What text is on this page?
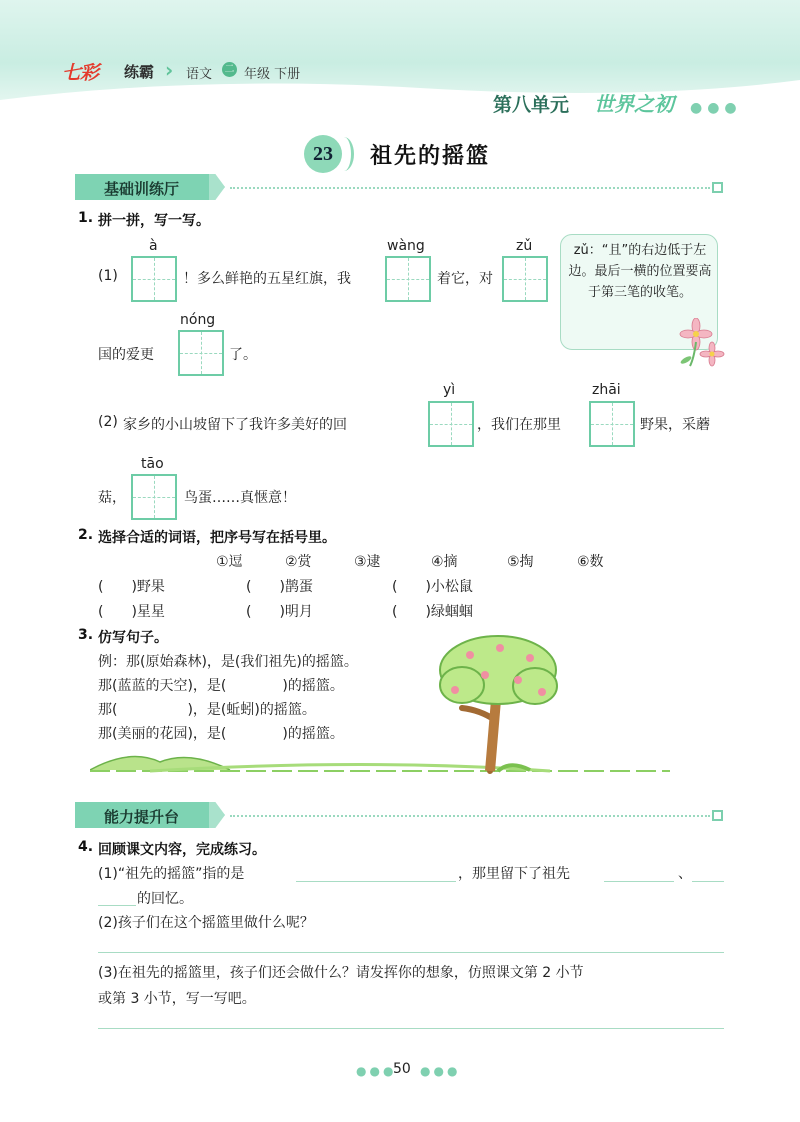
七彩 练霸 › 语文 二 年级 下册
第八单元 世界之初 ●●●
23	祖先的摇篮
基础训练厅
1. 拼一拼，写一写。
à	wàng	zǔ
(1)	！多么鲜艳的五星红旗，我	着它，对
zǔ：“且”的右边低于左边。最后一横的位置要高于第三笔的收笔。
nóng
国的爱更	了。
yì	zhāi
(2) 家乡的小山坡留下了我许多美好的回	，我们在那里	野果，采蘑
tāo
菇，	鸟蛋……真惬意！
2. 选择合适的词语，把序号写在括号里。
①逗	②赏	③逮	④摘	⑤掏	⑥数
(　　)野果	(　　)鹊蛋	(　　)小松鼠
(　　)星星	(　　)明月	(　　)绿蝈蝈
3. 仿写句子。
例：那(原始森林)，是(我们祖先)的摇篮。
那(蓝蓝的天空)，是(　　　　)的摇篮。
那(　　　　　)，是(蚯蚓)的摇篮。
那(美丽的花园)，是(　　　　)的摇篮。
能力提升台
4. 回顾课文内容，完成练习。
(1)“祖先的摇篮”指的是	，那里留下了祖先	、
的回忆。
(2)孩子们在这个摇篮里做什么呢？
(3)在祖先的摇篮里，孩子们还会做什么？请发挥你的想象，仿照课文第 2 小节
或第 3 小节，写一写吧。
●●●
50 ●●●
